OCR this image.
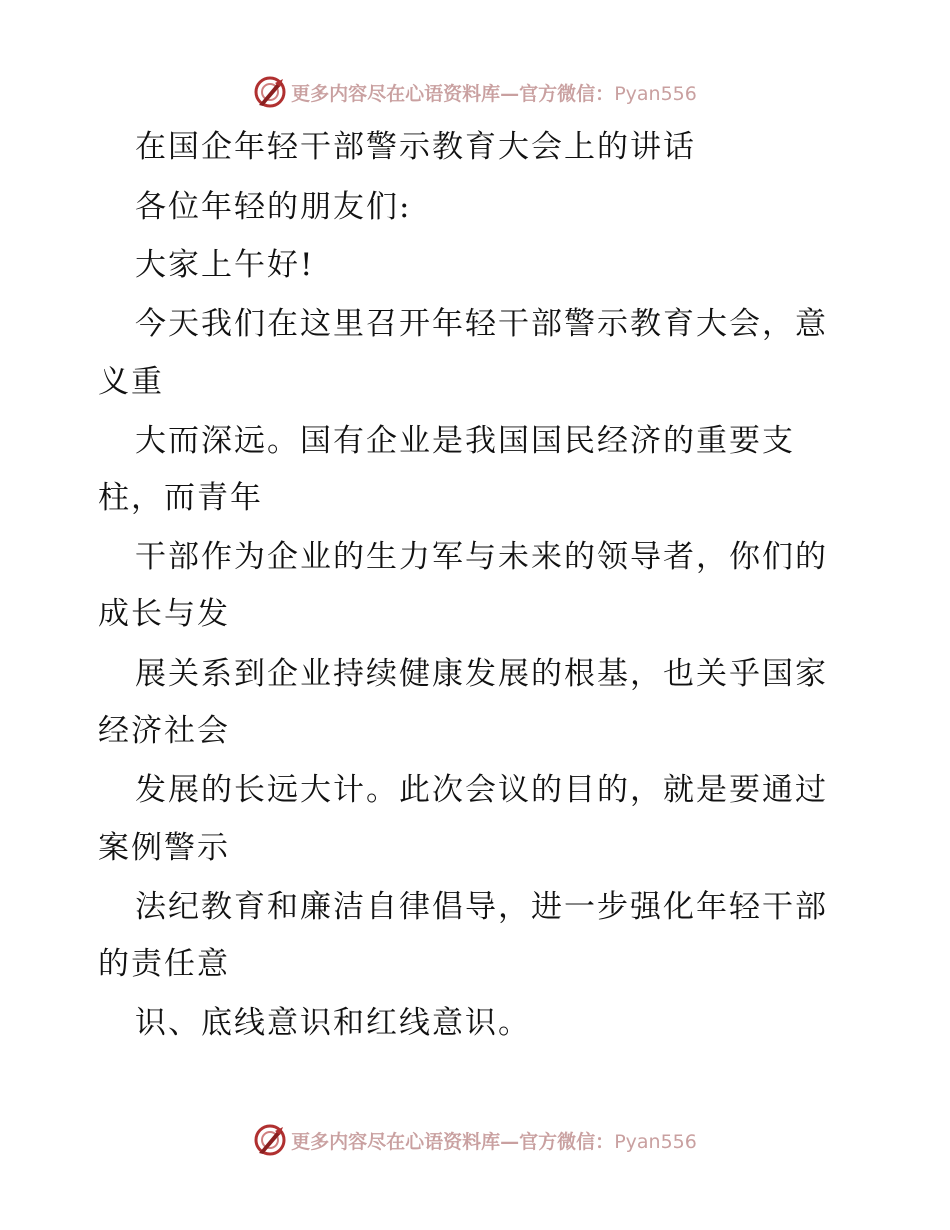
更多内容尽在心语资料库—官方微信：Pyan556
在国企年轻干部警示教育大会上的讲话
各位年轻的朋友们:
大家上午好!
今天我们在这里召开年轻干部警示教育大会，意
义重
大而深远。国有企业是我国国民经济的重要支
柱，而青年
干部作为企业的生力军与未来的领导者，你们的
成长与发
展关系到企业持续健康发展的根基，也关乎国家
经济社会
发展的长远大计。此次会议的目的，就是要通过
案例警示
法纪教育和廉洁自律倡导，进一步强化年轻干部
的责任意
识、底线意识和红线意识。
更多内容尽在心语资料库—官方微信：Pyan556
